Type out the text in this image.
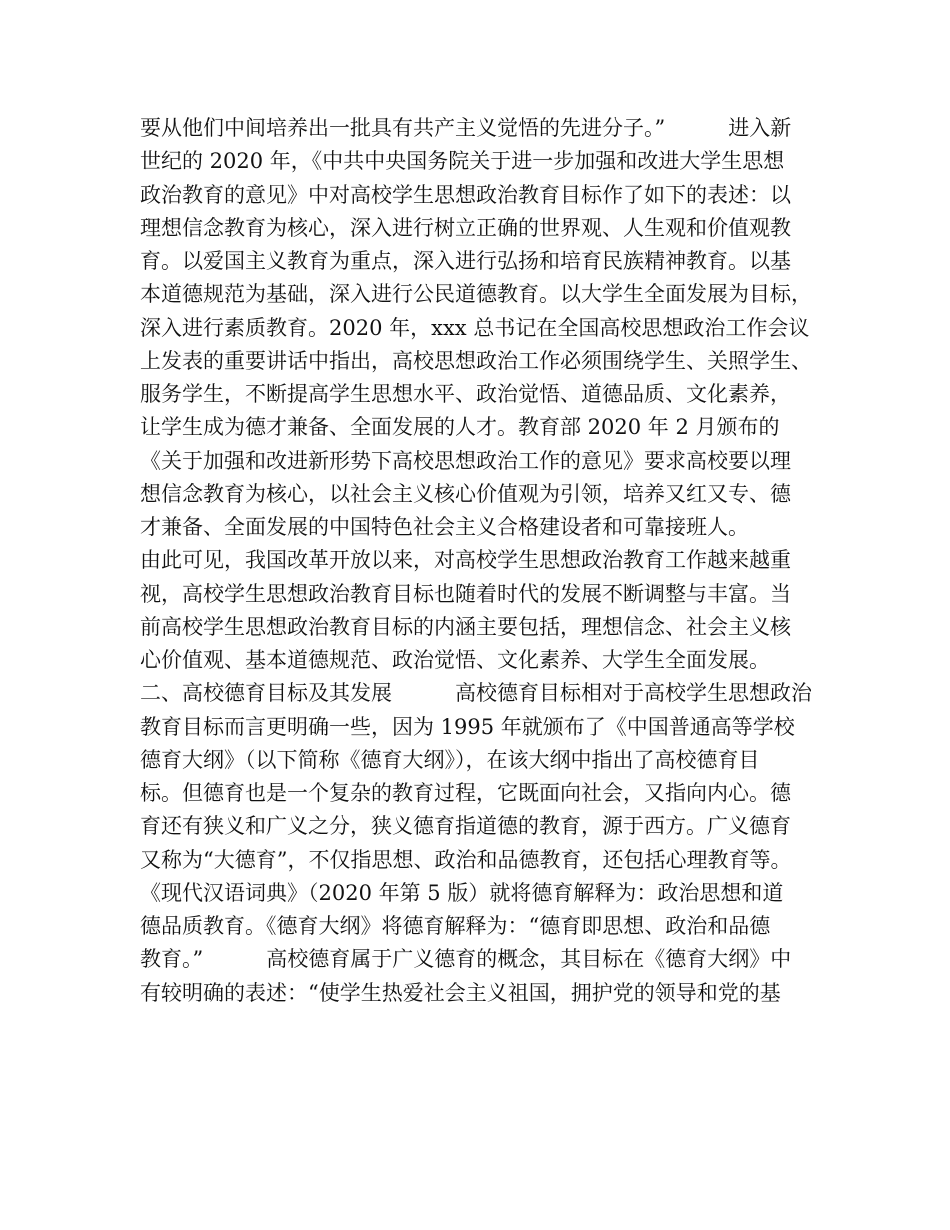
要从他们中间培养出一批具有共产主义觉悟的先进分子。”　　　进入新
世纪的 2020 年，《中共中央国务院关于进一步加强和改进大学生思想
政治教育的意见》中对高校学生思想政治教育目标作了如下的表述：以
理想信念教育为核心，深入进行树立正确的世界观、人生观和价值观教
育。以爱国主义教育为重点，深入进行弘扬和培育民族精神教育。以基
本道德规范为基础，深入进行公民道德教育。以大学生全面发展为目标，
深入进行素质教育。2020 年，xxx 总书记在全国高校思想政治工作会议
上发表的重要讲话中指出，高校思想政治工作必须围绕学生、关照学生、
服务学生，不断提高学生思想水平、政治觉悟、道德品质、文化素养，
让学生成为德才兼备、全面发展的人才。教育部 2020 年 2 月颁布的
《关于加强和改进新形势下高校思想政治工作的意见》要求高校要以理
想信念教育为核心，以社会主义核心价值观为引领，培养又红又专、德
才兼备、全面发展的中国特色社会主义合格建设者和可靠接班人。
由此可见，我国改革开放以来，对高校学生思想政治教育工作越来越重
视，高校学生思想政治教育目标也随着时代的发展不断调整与丰富。当
前高校学生思想政治教育目标的内涵主要包括，理想信念、社会主义核
心价值观、基本道德规范、政治觉悟、文化素养、大学生全面发展。
二、高校德育目标及其发展　　　高校德育目标相对于高校学生思想政治
教育目标而言更明确一些，因为 1995 年就颁布了《中国普通高等学校
德育大纲》（以下简称《德育大纲》），在该大纲中指出了高校德育目
标。但德育也是一个复杂的教育过程，它既面向社会，又指向内心。德
育还有狭义和广义之分，狭义德育指道德的教育，源于西方。广义德育
又称为“大德育”，不仅指思想、政治和品德教育，还包括心理教育等。
《现代汉语词典》（2020 年第 5 版）就将德育解释为：政治思想和道
德品质教育。《德育大纲》将德育解释为：“德育即思想、政治和品德
教育。”　　　高校德育属于广义德育的概念，其目标在《德育大纲》中
有较明确的表述：“使学生热爱社会主义祖国，拥护党的领导和党的基
